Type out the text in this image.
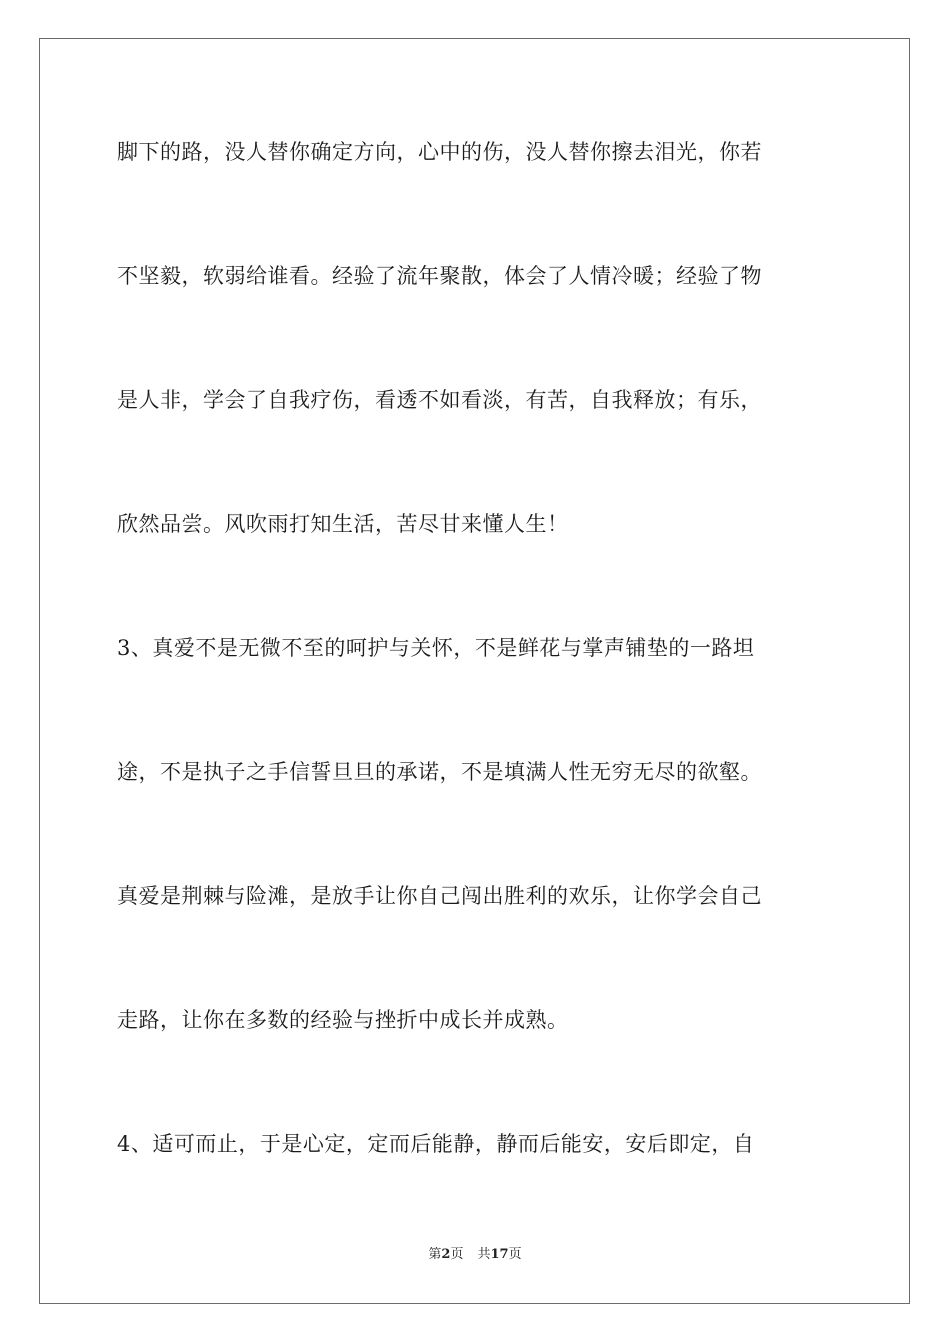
脚下的路，没人替你确定方向，心中的伤，没人替你擦去泪光，你若
不坚毅，软弱给谁看。经验了流年聚散，体会了人情冷暖；经验了物
是人非，学会了自我疗伤，看透不如看淡，有苦，自我释放；有乐，
欣然品尝。风吹雨打知生活，苦尽甘来懂人生！
3、真爱不是无微不至的呵护与关怀，不是鲜花与掌声铺垫的一路坦
途，不是执子之手信誓旦旦的承诺，不是填满人性无穷无尽的欲壑。
真爱是荆棘与险滩，是放手让你自己闯出胜利的欢乐，让你学会自己
走路，让你在多数的经验与挫折中成长并成熟。
4、适可而止，于是心定，定而后能静，静而后能安，安后即定，自
第2页 共17页
